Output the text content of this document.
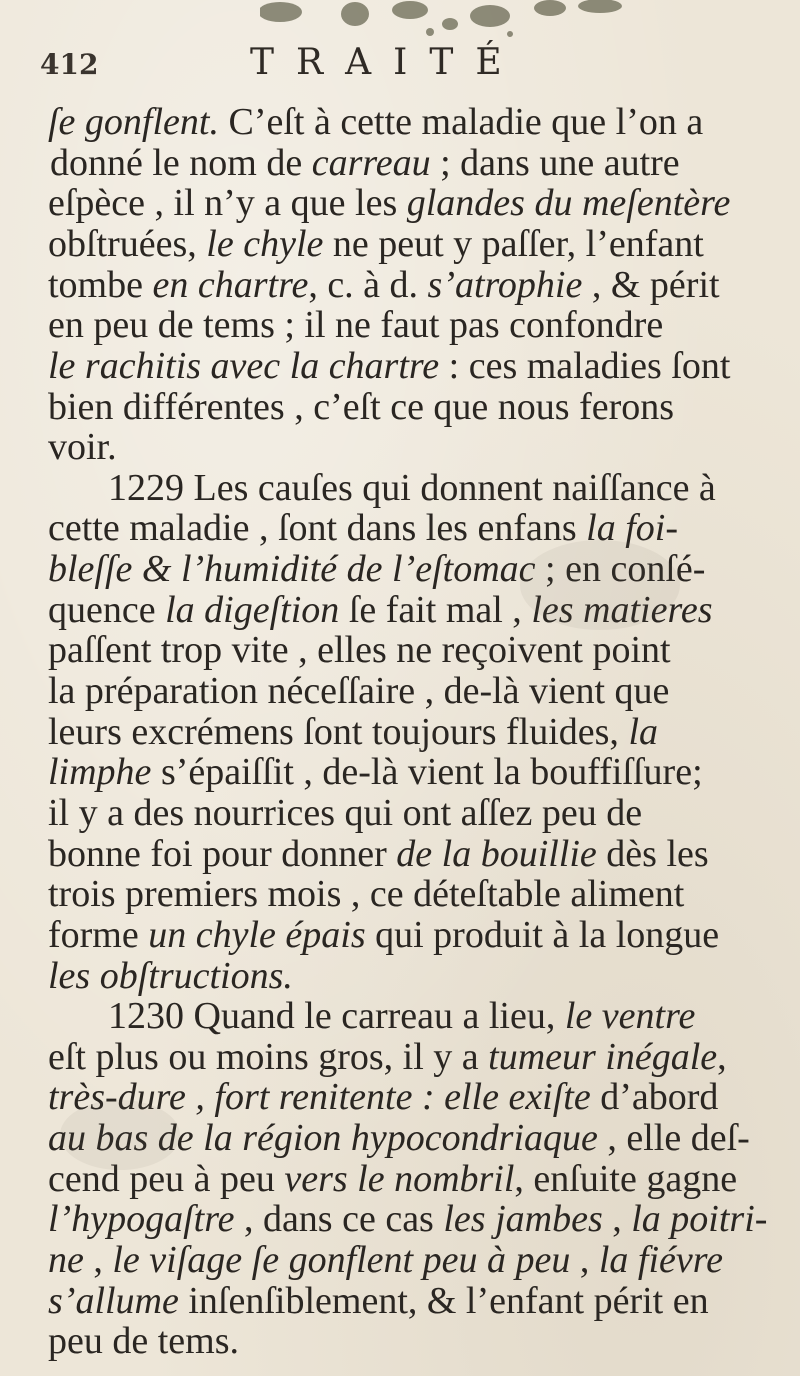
412	TRAITÉ
ſe gonflent. C’eſt à cette maladie que l’on a
donné le nom de carreau ; dans une autre
eſpèce , il n’y a que les glandes du meſentère
obſtruées, le chyle ne peut y paſſer, l’enfant
tombe en chartre, c. à d. s’atrophie , & périt
en peu de tems ; il ne faut pas confondre
le rachitis avec la chartre : ces maladies ſont
bien différentes , c’eſt ce que nous ferons
voir.
1229 Les cauſes qui donnent naiſſance à
cette maladie , ſont dans les enfans la foi-
bleſſe & l’humidité de l’eſtomac ; en conſé-
quence la digeſtion ſe fait mal , les matieres
paſſent trop vite , elles ne reçoivent point
la préparation néceſſaire , de-là vient que
leurs excrémens ſont toujours fluides, la
limphe s’épaiſſit , de-là vient la bouffiſſure;
il y a des nourrices qui ont aſſez peu de
bonne foi pour donner de la bouillie dès les
trois premiers mois , ce déteſtable aliment
forme un chyle épais qui produit à la longue
les obſtructions.
1230 Quand le carreau a lieu, le ventre
eſt plus ou moins gros, il y a tumeur inégale,
très-dure , fort renitente : elle exiſte d’abord
au bas de la région hypocondriaque , elle deſ-
cend peu à peu vers le nombril, enſuite gagne
l’hypogaſtre , dans ce cas les jambes , la poitri-
ne , le viſage ſe gonflent peu à peu , la fiévre
s’allume inſenſiblement, & l’enfant périt en
peu de tems.
